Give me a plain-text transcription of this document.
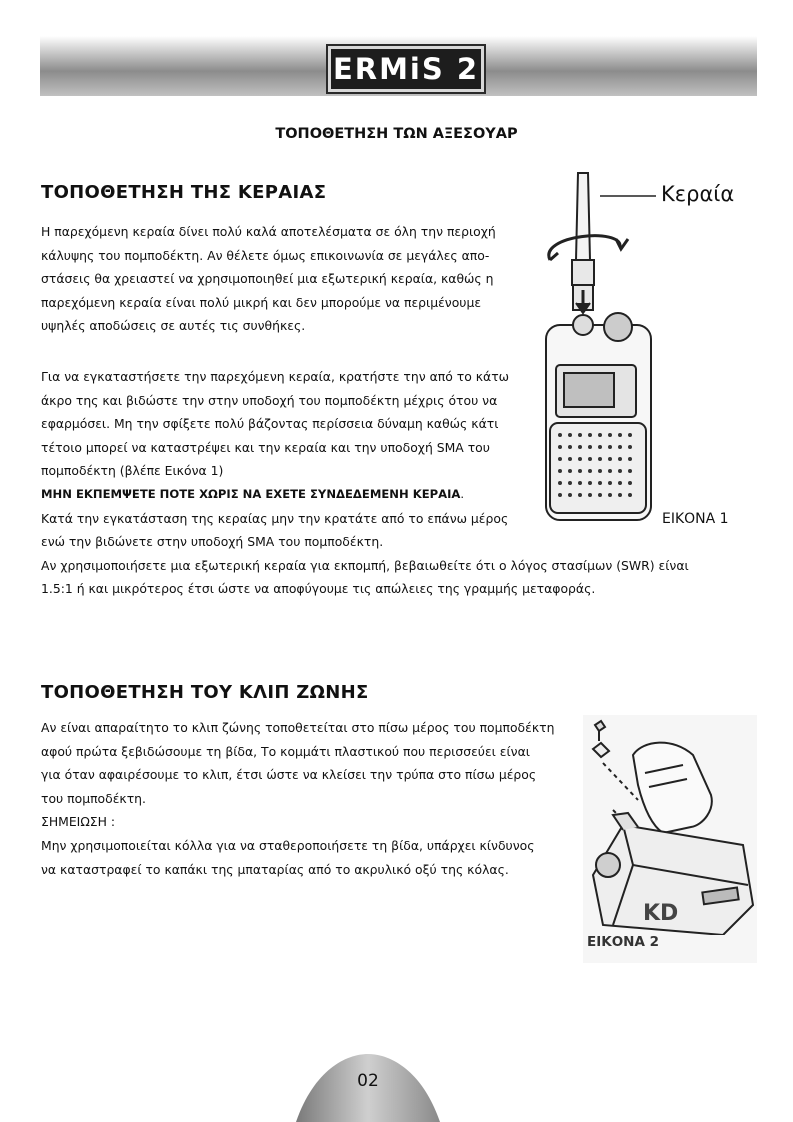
ERMiS 2
ΤΟΠΟΘΕΤΗΣΗ ΤΩΝ ΑΞΕΣΟΥΑΡ
ΤΟΠΟΘΕΤΗΣΗ ΤΗΣ ΚΕΡΑΙΑΣ

Η παρεχόμενη κεραία δίνει πολύ καλά αποτελέσματα σε όλη την περιοχή

κάλυψης του πομποδέκτη. Αν θέλετε όμως επικοινωνία σε μεγάλες απο-

στάσεις θα χρειαστεί να χρησιμοποιηθεί μια εξωτερική κεραία, καθώς η

παρεχόμενη κεραία είναι πολύ μικρή και δεν μπορούμε να περιμένουμε

υψηλές αποδώσεις σε αυτές τις συνθήκες.

Για να εγκαταστήσετε την παρεχόμενη κεραία, κρατήστε την από το κάτω

άκρο της και βιδώστε την στην υποδοχή του πομποδέκτη μέχρις ότου να

εφαρμόσει. Μη την σφίξετε πολύ βάζοντας περίσσεια δύναμη καθώς κάτι

τέτοιο μπορεί να καταστρέψει και την κεραία και την υποδοχή SMA του

πομποδέκτη (βλέπε Εικόνα 1)

ΜΗΝ ΕΚΠΕΜΨΕΤΕ ΠΟΤΕ ΧΩΡΙΣ ΝΑ ΕΧΕΤΕ ΣΥΝΔΕΔΕΜΕΝΗ ΚΕΡΑΙΑ.

Κατά την εγκατάσταση της κεραίας μην την κρατάτε από το επάνω μέρος

ενώ την βιδώνετε στην υποδοχή SMA του πομποδέκτη.

Αν χρησιμοποιήσετε μια εξωτερική κεραία για εκπομπή, βεβαιωθείτε ότι ο λόγος στασίμων (SWR) είναι

1.5:1 ή και μικρότερος έτσι ώστε να αποφύγουμε τις απώλειες της γραμμής μεταφοράς.

Κεραία
ΕΙΚΟΝΑ 1
ΤΟΠΟΘΕΤΗΣΗ ΤΟΥ ΚΛΙΠ ΖΩΝΗΣ

Αν είναι απαραίτητο το κλιπ ζώνης τοποθετείται στο πίσω μέρος του πομποδέκτη

αφού πρώτα ξεβιδώσουμε τη βίδα, Το κομμάτι πλαστικού που περισσεύει είναι

για όταν αφαιρέσουμε το κλιπ, έτσι ώστε να κλείσει την τρύπα στο πίσω μέρος

του πομποδέκτη.

ΣΗΜΕΙΩΣΗ :

Μην χρησιμοποιείται κόλλα για να σταθεροποιήσετε τη βίδα, υπάρχει κίνδυνος

να καταστραφεί το καπάκι της μπαταρίας από το ακρυλικό οξύ της κόλας.

KD
ΕΙΚΟΝΑ 2
02
